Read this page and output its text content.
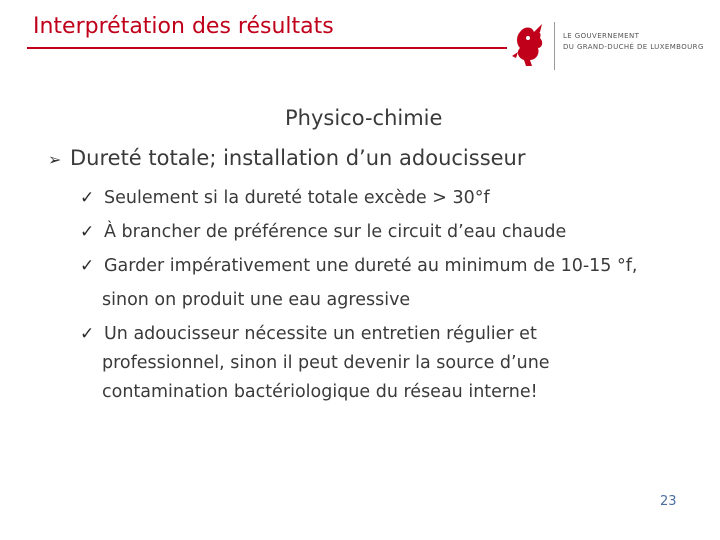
Interprétation des résultats	LE GOUVERNEMENT
DU GRAND-DUCHÉ DE LUXEMBOURG
Physico-chimie
➢ Dureté totale; installation d’un adoucisseur
✓ Seulement si la dureté totale excède > 30°f
✓ À brancher de préférence sur le circuit d’eau chaude
✓ Garder impérativement une dureté au minimum de 10-15 °f,
sinon on produit une eau agressive
✓ Un adoucisseur nécessite un entretien régulier et
professionnel, sinon il peut devenir la source d’une
contamination bactériologique du réseau interne!
23
